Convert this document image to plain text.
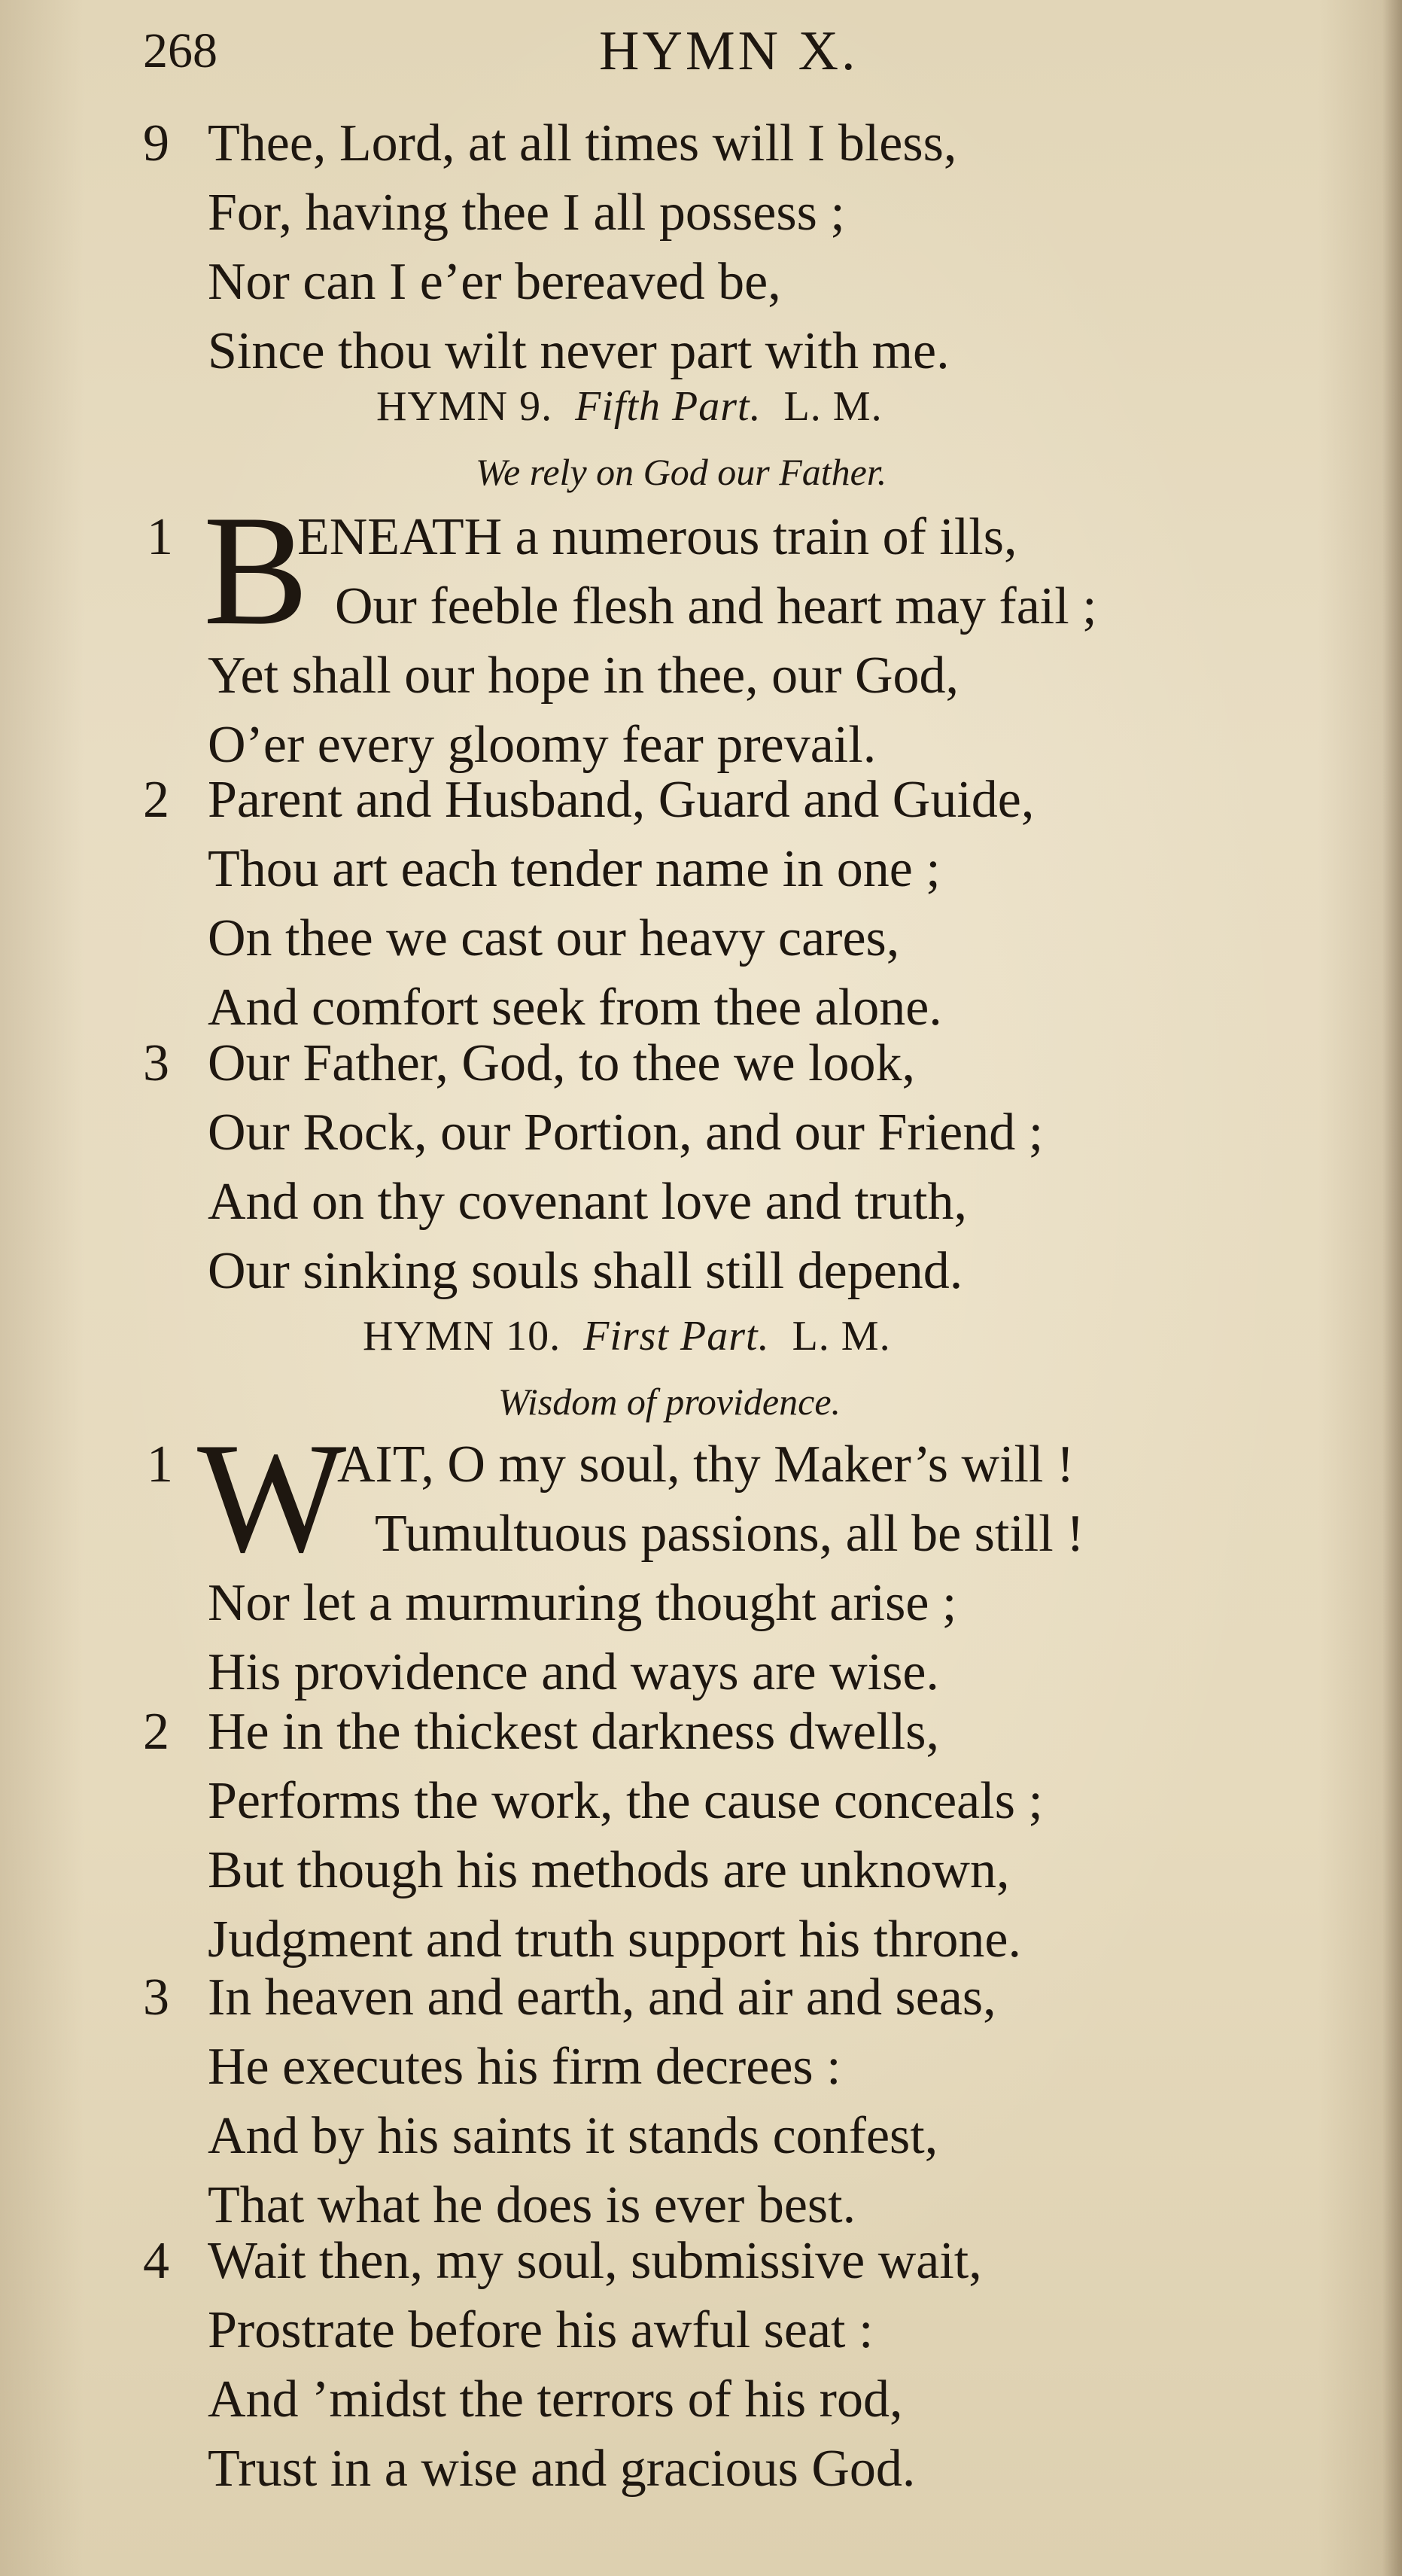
268	HYMN X.
9 Thee, Lord, at all times will I bless,
For, having thee I all possess ;
Nor can I e’er bereaved be,
Since thou wilt never part with me.
HYMN 9. Fifth Part. L. M.
We rely on God our Father.
1 B
ENEATH a numerous train of ills,
Our feeble flesh and heart may fail ;
Yet shall our hope in thee, our God,
O’er every gloomy fear prevail.
2 Parent and Husband, Guard and Guide,
Thou art each tender name in one ;
On thee we cast our heavy cares,
And comfort seek from thee alone.
3 Our Father, God, to thee we look,
Our Rock, our Portion, and our Friend ;
And on thy covenant love and truth,
Our sinking souls shall still depend.
HYMN 10. First Part. L. M.
Wisdom of providence.
1 W
AIT, O my soul, thy Maker’s will !
Tumultuous passions, all be still !
Nor let a murmuring thought arise ;
His providence and ways are wise.
2 He in the thickest darkness dwells,
Performs the work, the cause conceals ;
But though his methods are unknown,
Judgment and truth support his throne.
3 In heaven and earth, and air and seas,
He executes his firm decrees :
And by his saints it stands confest,
That what he does is ever best.
4 Wait then, my soul, submissive wait,
Prostrate before his awful seat :
And ’midst the terrors of his rod,
Trust in a wise and gracious God.
